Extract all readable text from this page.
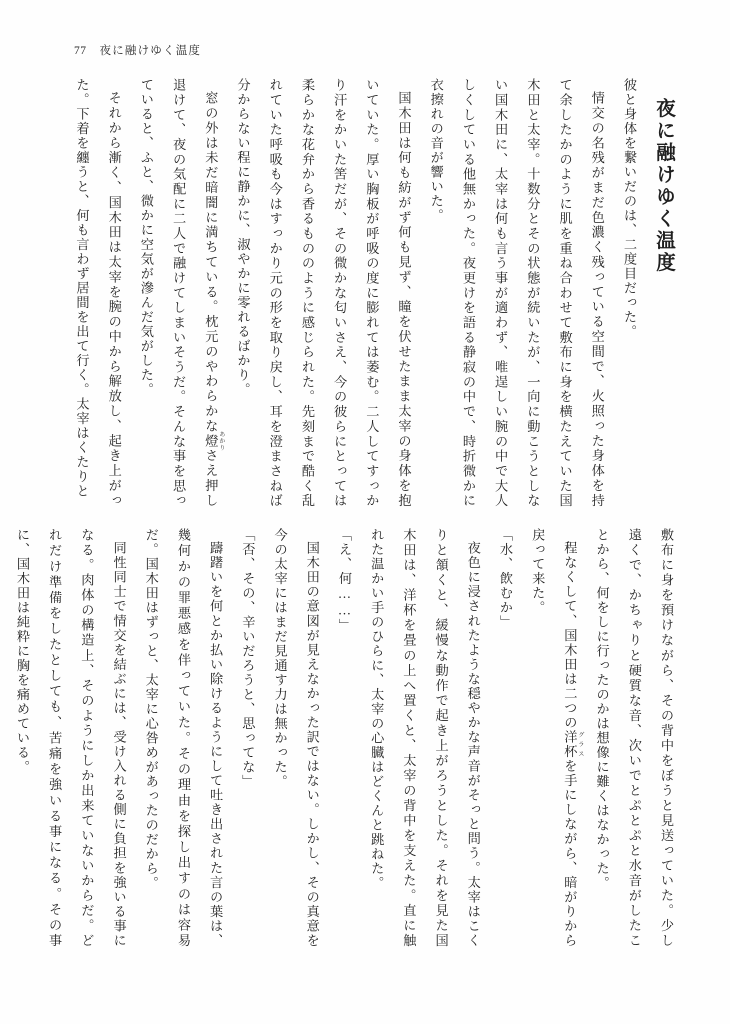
77 夜に融けゆく温度

夜に融けゆく温度

彼と身体を繋いだのは、二度目だった。

情交の名残がまだ色濃く残っている空間で、火照った身体を持て余したかのように肌を重ね合わせて敷布に身を横たえていた国木田と太宰。十数分とその状態が続いたが、一向に動こうとしない国木田に、太宰は何も言う事が適わず、唯逞しい腕の中で大人しくしている他無かった。夜更けを語る静寂の中で、時折微かに衣擦れの音が響いた。

国木田は何も紡がず何も見ず、瞳を伏せたまま太宰の身体を抱いていた。厚い胸板が呼吸の度に膨れては萎む。二人してすっかり汗をかいた筈だが、その微かな匂いさえ、今の彼らにとっては柔らかな花弁から香るもののように感じられた。先刻まで酷く乱れていた呼吸も今はすっかり元の形を取り戻し、耳を澄まさねば分からない程に静かに、淑やかに零れるばかり。

窓の外は未だ暗闇に満ちている。枕元のやわらかな燈 あかりさえ押し退けて、夜の気配に二人で融けてしまいそうだ。そんな事を思っていると、ふと、微かに空気が滲んだ気がした。

それから漸く、国木田は太宰を腕の中から解放し、起き上がった。下着を纏うと、何も言わず居間を出て行く。太宰はくたりと

敷布に身を預けながら、その背中をぼうと見送っていた。少し遠くで、かちゃりと硬質な音、次いでとぷとぷと水音がしたことから、何をしに行ったのかは想像に難くはなかった。

程なくして、国木田は二つの洋杯 グラスを手にしながら、暗がりから戻って来た。

「水、飲むか」

夜色に浸されたような穏やかな声音がそっと問う。太宰はこくりと頷くと、緩慢な動作で起き上がろうとした。それを見た国木田は、洋杯を畳の上へ置くと、太宰の背中を支えた。直に触れた温かい手のひらに、太宰の心臓はどくんと跳ねた。

「え、何……」

国木田の意図が見えなかった訳ではない。しかし、その真意を今の太宰にはまだ見通す力は無かった。

「否、その、辛いだろうと、思ってな」

躊躇いを何とか払い除けるようにして吐き出された言の葉は、幾何かの罪悪感を伴っていた。その理由を探し出すのは容易だ。国木田はずっと、太宰に心咎めがあったのだから。

同性同士で情交を結ぶには、受け入れる側に負担を強いる事になる。肉体の構造上、そのようにしか出来ていないからだ。どれだけ準備をしたとしても、苦痛を強いる事になる。その事に、国木田は純粋に胸を痛めている。
